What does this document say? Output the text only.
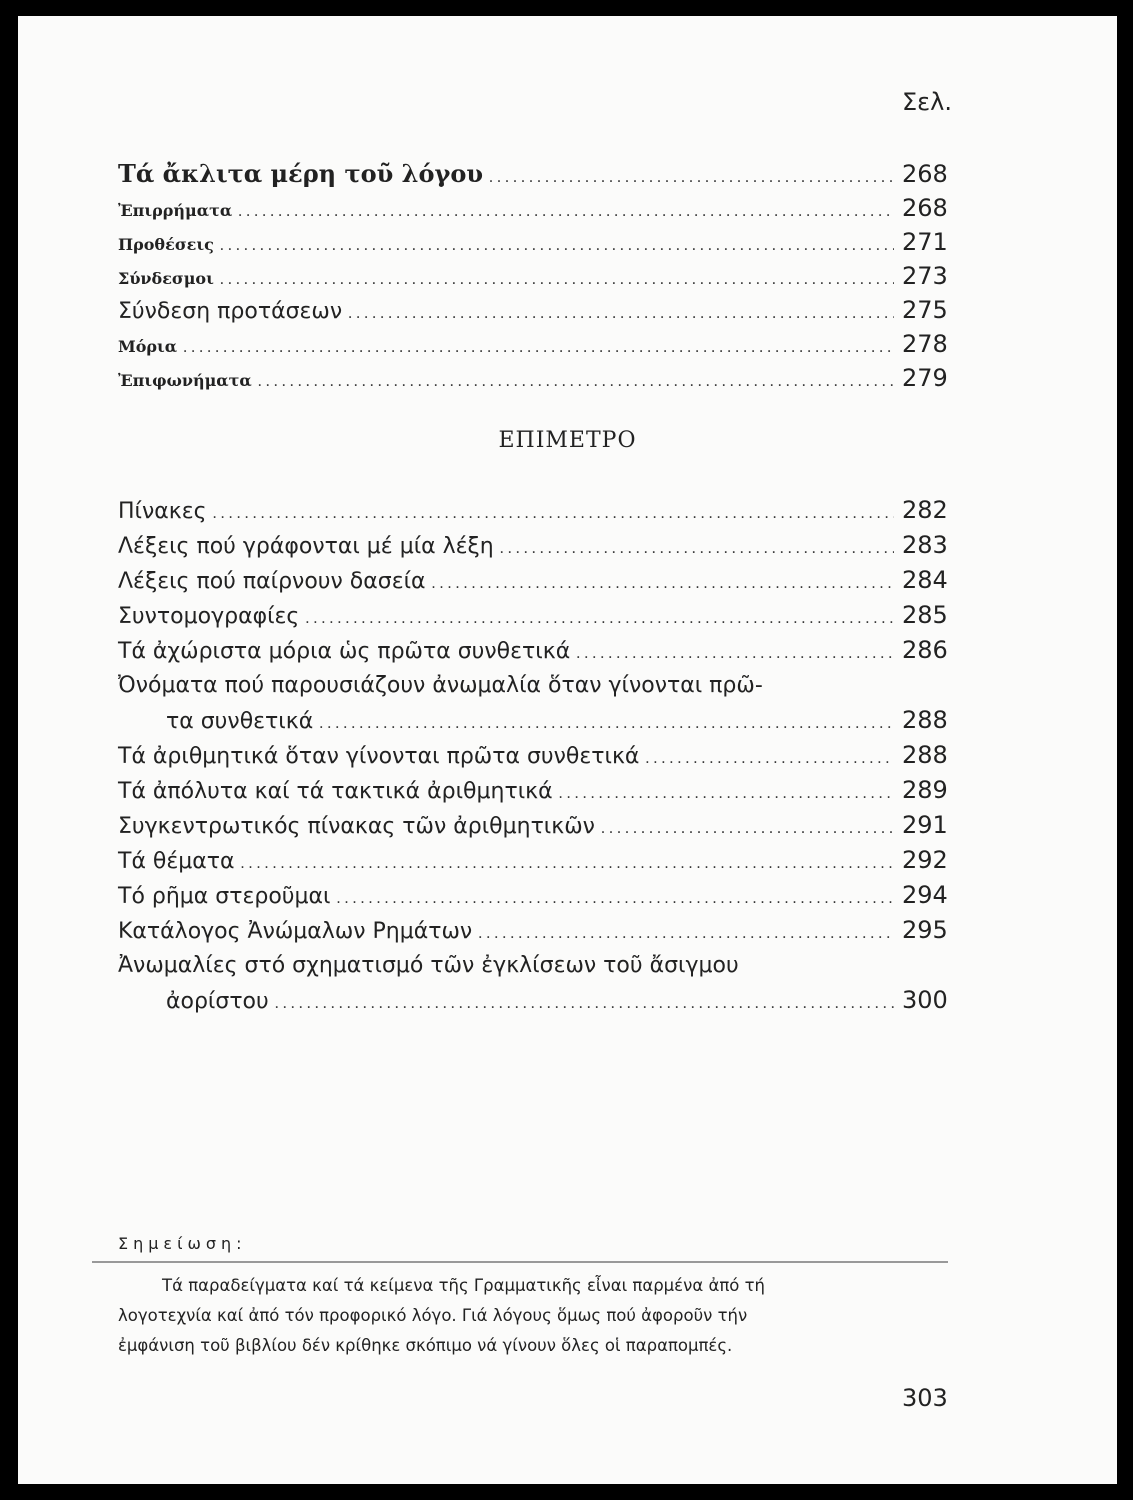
Σελ.
Τά ἄκλιτα μέρη τοῦ λόγου .....	268
Ἐπιρρήματα .....	268
Προθέσεις .....	271
Σύνδεσμοι .....	273
Σύνδεση προτάσεων .....	275
Μόρια .....	278
Ἐπιφωνήματα .....	279
ΕΠΙΜΕΤΡΟ
Πίνακες .....	282
Λέξεις πού γράφονται μέ μία λέξη .....	283
Λέξεις πού παίρνουν δασεία .....	284
Συντομογραφίες .....	285
Τά ἀχώριστα μόρια ὡς πρῶτα συνθετικά .....	286
Ὀνόματα πού παρουσιάζουν ἀνωμαλία ὅταν γίνονται πρῶ-
τα συνθετικά .....	288
Τά ἀριθμητικά ὅταν γίνονται πρῶτα συνθετικά .....	288
Τά ἀπόλυτα καί τά τακτικά ἀριθμητικά .....	289
Συγκεντρωτικός πίνακας τῶν ἀριθμητικῶν .....	291
Τά θέματα .....	292
Τό ρῆμα στεροῦμαι .....	294
Κατάλογος Ἀνώμαλων Ρημάτων .....	295
Ἀνωμαλίες στό σχηματισμό τῶν ἐγκλίσεων τοῦ ἄσιγμου
ἀορίστου .....	300
Σημείωση:
Τά παραδείγματα καί τά κείμενα τῆς Γραμματικῆς εἶναι παρμένα ἀπό τή
λογοτεχνία καί ἀπό τόν προφορικό λόγο. Γιά λόγους ὅμως πού ἀφοροῦν τήν
ἐμφάνιση τοῦ βιβλίου δέν κρίθηκε σκόπιμο νά γίνουν ὅλες οἱ παραπομπές.
303
